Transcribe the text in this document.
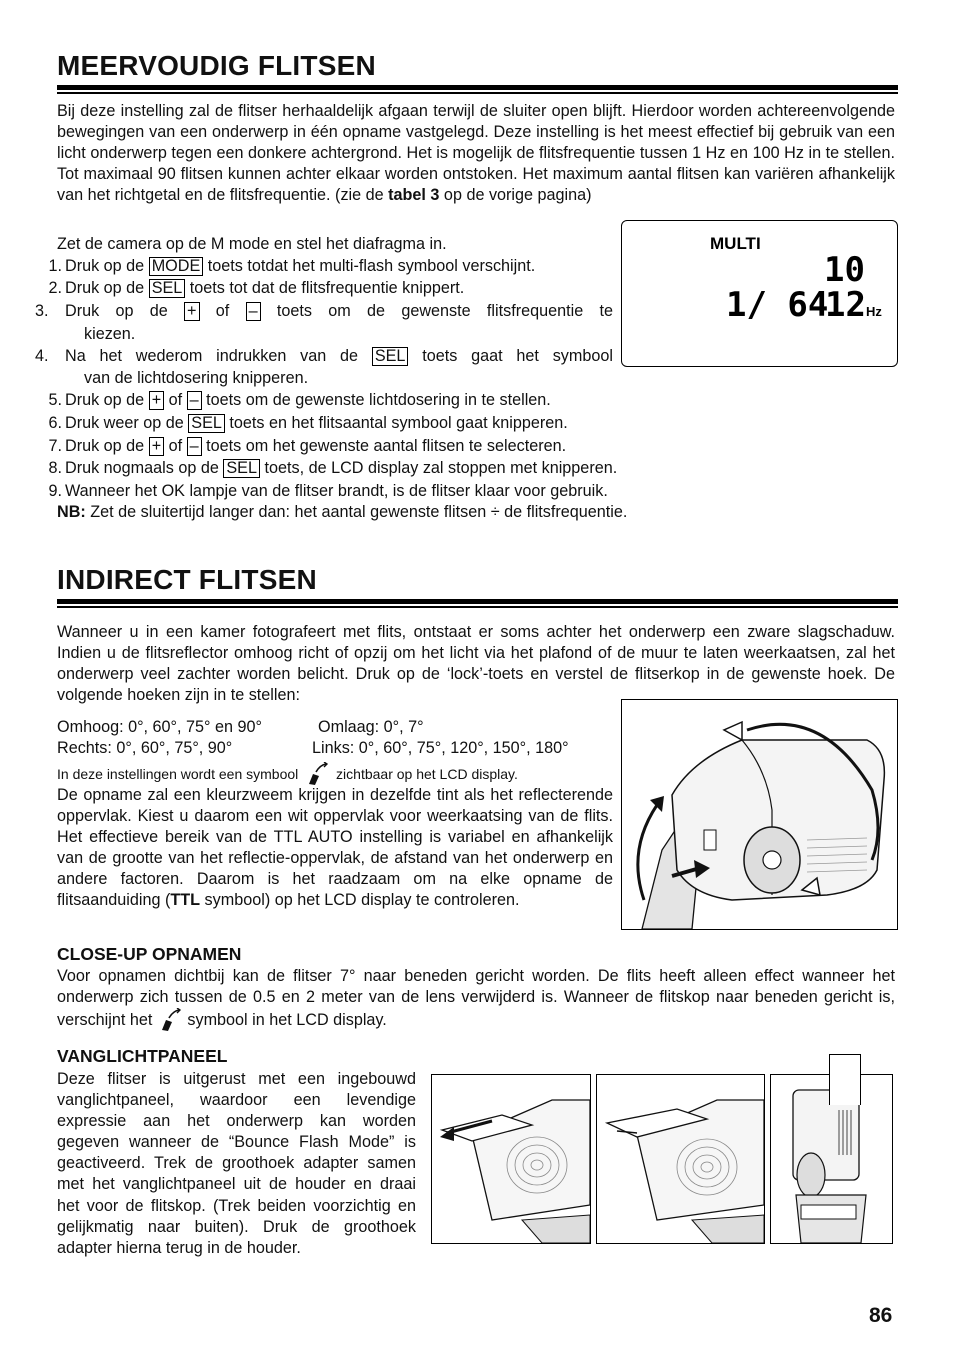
MEERVOUDIG FLITSEN
Bij deze instelling zal de flitser herhaaldelijk afgaan terwijl de sluiter open blijft. Hierdoor worden achtereenvolgende bewegingen van een onderwerp in één opname vastgelegd. Deze instelling is het meest effectief bij gebruik van een licht onderwerp tegen een donkere achtergrond. Het is mogelijk de flitsfrequentie tussen 1 Hz en 100 Hz in te stellen. Tot maximaal 90 flitsen kunnen achter elkaar worden ontstoken. Het maximum aantal flitsen kan variëren afhankelijk van het richtgetal en de flitsfrequentie. (zie de tabel 3 op de vorige pagina)
MULTI
10
1/ 64
12 Hz
Zet de camera op de M mode en stel het diafragma in.
1. Druk op de MODE toets totdat het multi-flash symbool verschijnt.
2. Druk op de SEL toets tot dat de flitsfrequentie knippert.
3. Druk op de + of – toets om de gewenste flitsfrequentie te
kiezen.
4. Na het wederom indrukken van de SEL toets gaat het symbool
van de lichtdosering knipperen.
5. Druk op de + of – toets om de gewenste lichtdosering in te stellen.
6. Druk weer op de SEL toets en het flitsaantal symbool gaat knipperen.
7. Druk op de + of – toets om het gewenste aantal flitsen te selecteren.
8. Druk nogmaals op de SEL toets, de LCD display zal stoppen met knipperen.
9. Wanneer het OK lampje van de flitser brandt, is de flitser klaar voor gebruik.
NB: Zet de sluitertijd langer dan: het aantal gewenste flitsen ÷ de flitsfrequentie.
INDIRECT FLITSEN
Wanneer u in een kamer fotografeert met flits, ontstaat er soms achter het onderwerp een zware slagschaduw. Indien u de flitsreflector omhoog richt of opzij om het licht via het plafond of de muur te laten weerkaatsen, zal het onderwerp veel zachter worden belicht. Druk op de ‘lock’-toets en verstel de flitserkop in de gewenste hoek. De volgende hoeken zijn in te stellen:
Omhoog: 0°, 60°, 75° en 90°	Omlaag: 0°, 7°
Rechts: 0°, 60°, 75°, 90°	Links: 0°, 60°, 75°, 120°, 150°, 180°
In deze instellingen wordt een symbool	zichtbaar op het LCD display.
De opname zal een kleurzweem krijgen in dezelfde tint als het reflecterende oppervlak. Kiest u daarom een wit oppervlak voor weerkaatsing van de flits. Het effectieve bereik van de TTL AUTO instelling is variabel en afhankelijk van de grootte van het reflectie-oppervlak, de afstand van het onderwerp en andere factoren. Daarom is het raadzaam om na elke opname de flitsaanduiding (TTL symbool) op het LCD display te controleren.
CLOSE-UP OPNAMEN
Voor opnamen dichtbij kan de flitser 7° naar beneden gericht worden. De flits heeft alleen effect wanneer het onderwerp zich tussen de 0.5 en 2 meter van de lens verwijderd is. Wanneer de flitskop naar beneden gericht is, verschijnt het symbool in het LCD display.
VANGLICHTPANEEL
Deze flitser is uitgerust met een ingebouwd vanglichtpaneel, waardoor een levendige expressie aan het onderwerp kan worden gegeven wanneer de “Bounce Flash Mode” is geactiveerd. Trek de groothoek adapter samen met het vanglichtpaneel uit de houder en draai het voor de flitskop. (Trek beiden voorzichtig en gelijkmatig naar buiten). Druk de groothoek adapter hierna terug in de houder.
86
